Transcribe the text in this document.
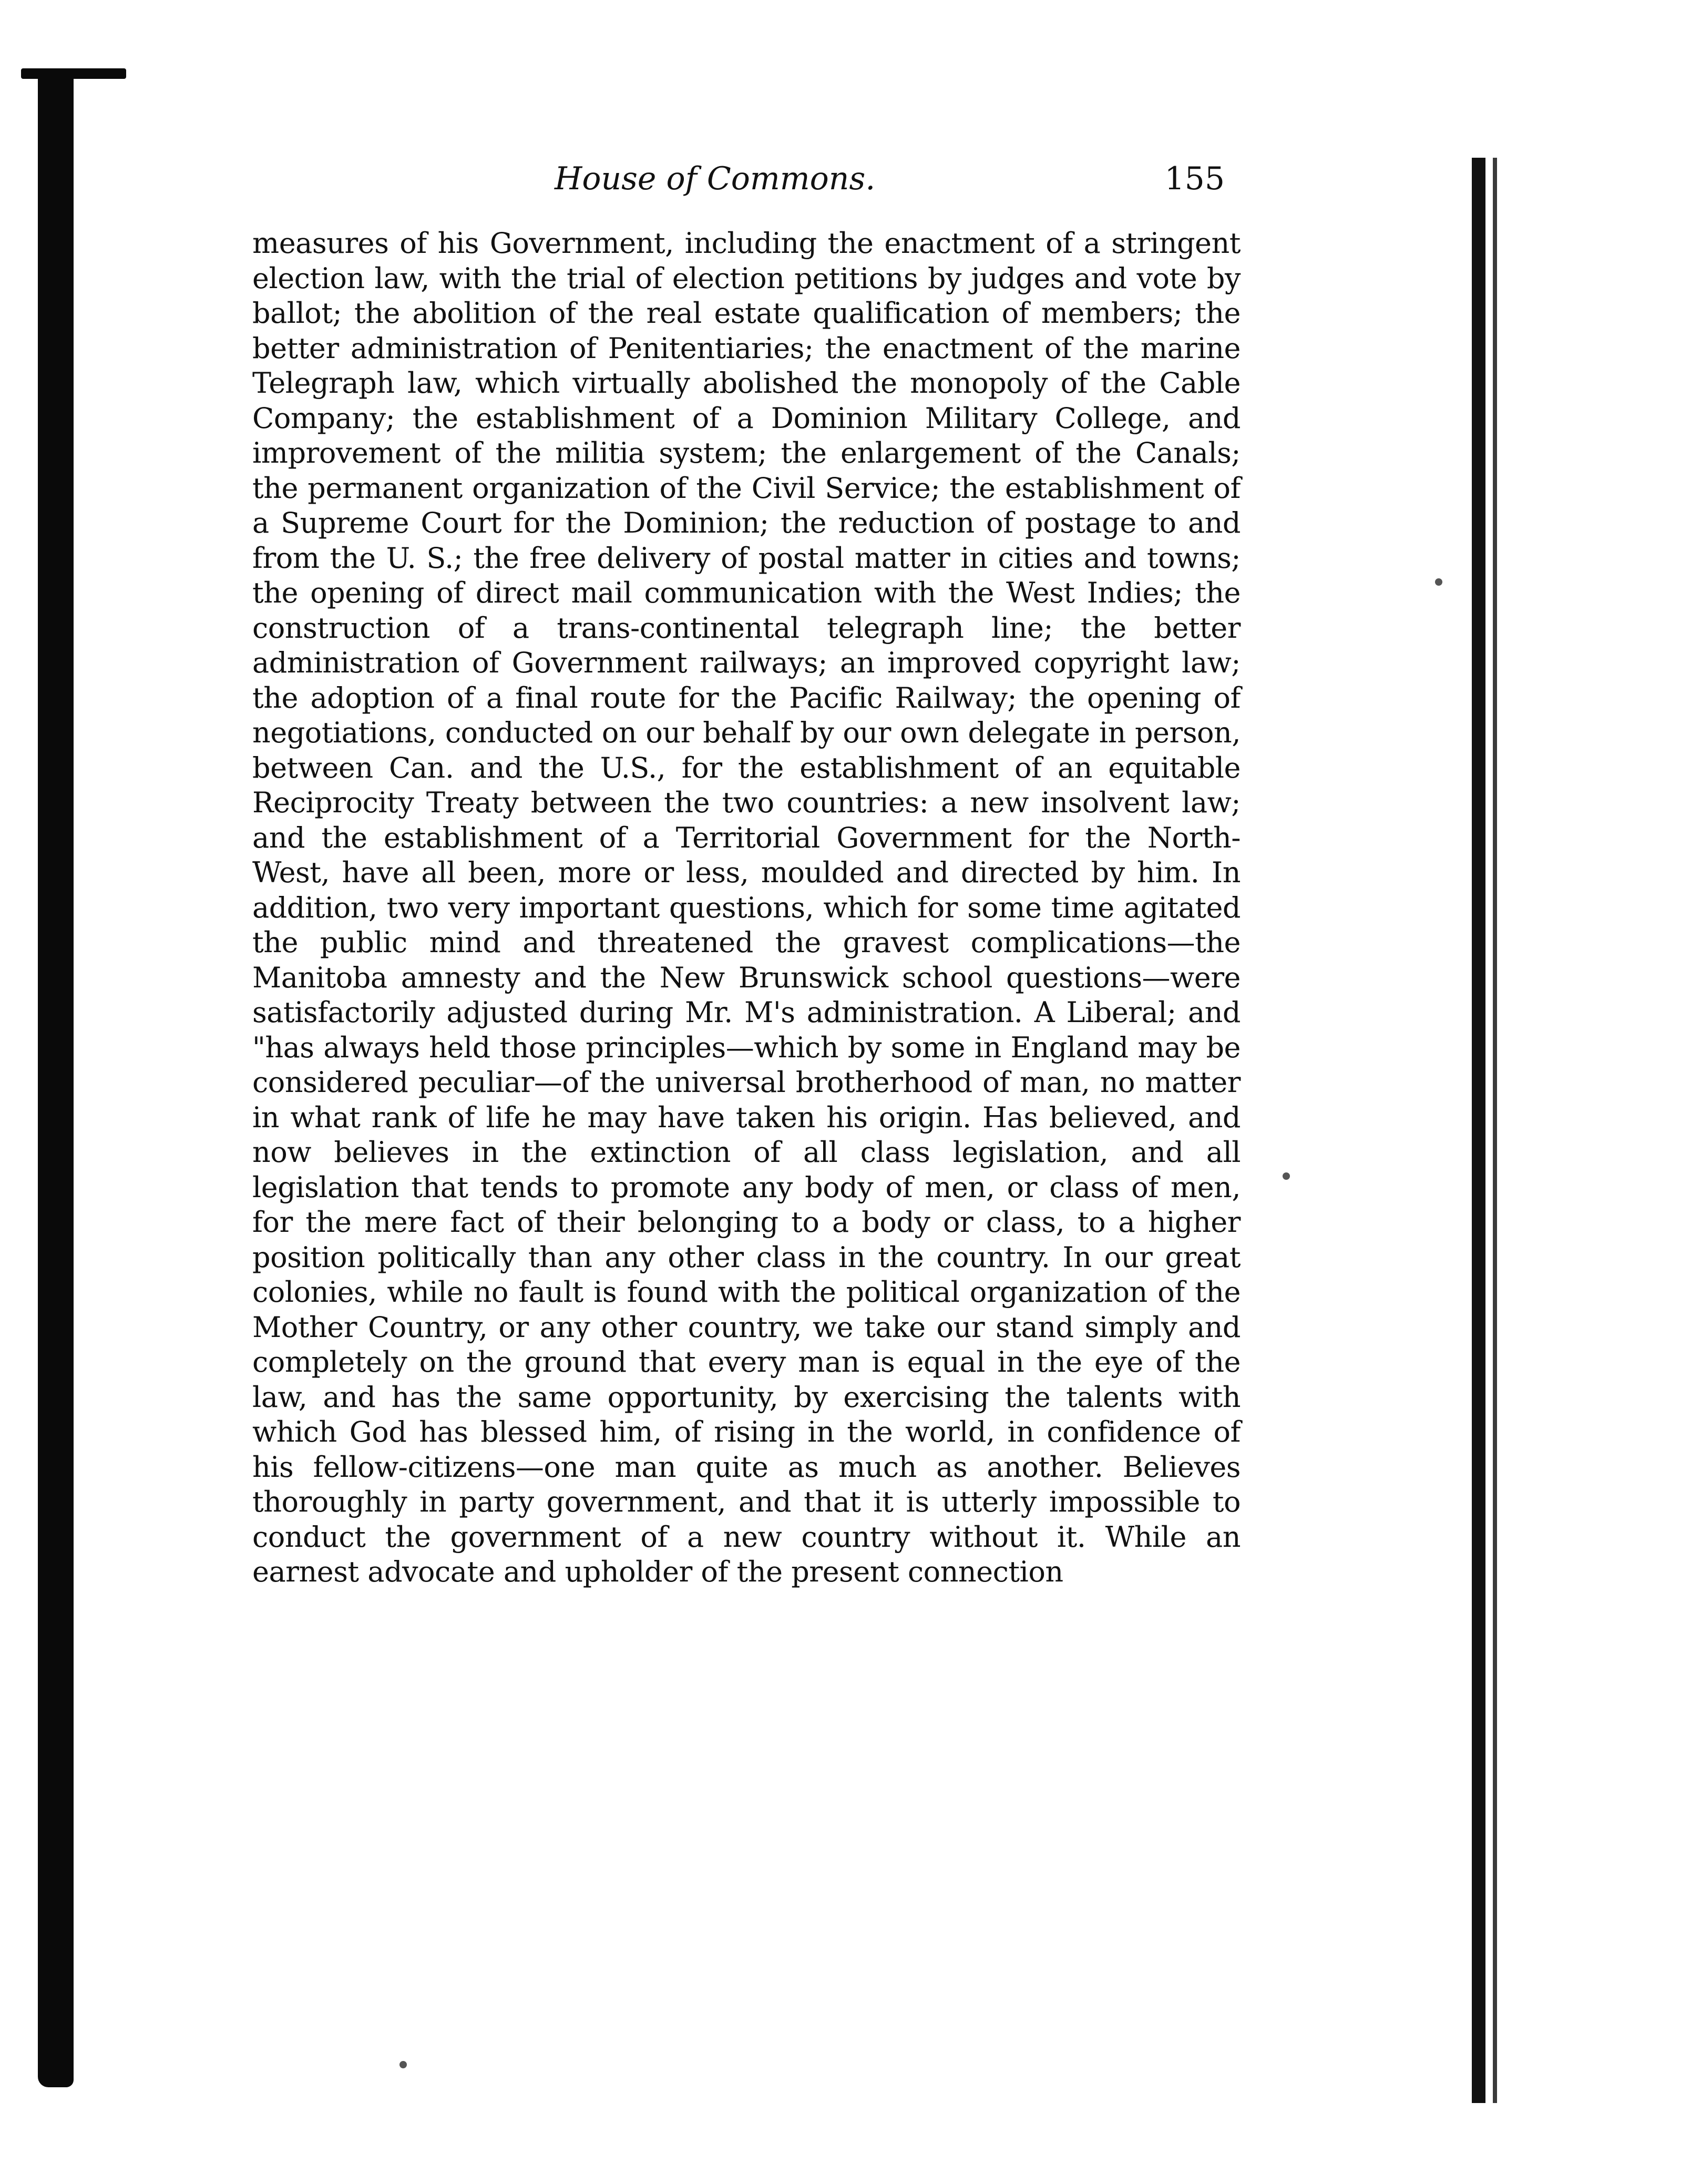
House of Commons.	155
measures of his Government, including the enactment of a stringent election law, with the trial of election petitions by judges and vote by ballot; the abolition of the real estate qualification of members; the better administration of Penitentiaries; the enactment of the marine Telegraph law, which virtually abolished the monopoly of the Cable Company; the establishment of a Dominion Military College, and improvement of the militia system; the enlargement of the Canals; the permanent organization of the Civil Service; the establishment of a Supreme Court for the Dominion; the reduction of postage to and from the U. S.; the free delivery of postal matter in cities and towns; the opening of direct mail communication with the West Indies; the construction of a trans-continental telegraph line; the better administration of Government railways; an improved copyright law; the adoption of a final route for the Pacific Railway; the opening of negotiations, conducted on our behalf by our own delegate in person, between Can. and the U.S., for the establishment of an equitable Reciprocity Treaty between the two countries: a new insolvent law; and the establishment of a Territorial Government for the North-West, have all been, more or less, moulded and directed by him. In addition, two very important questions, which for some time agitated the public mind and threatened the gravest complications—the Manitoba amnesty and the New Brunswick school questions—were satisfactorily adjusted during Mr. M's administration. A Liberal; and "has always held those principles—which by some in England may be considered peculiar—of the universal brotherhood of man, no matter in what rank of life he may have taken his origin. Has believed, and now believes in the extinction of all class legislation, and all legislation that tends to promote any body of men, or class of men, for the mere fact of their belonging to a body or class, to a higher position politically than any other class in the country. In our great colonies, while no fault is found with the political organization of the Mother Country, or any other country, we take our stand simply and completely on the ground that every man is equal in the eye of the law, and has the same opportunity, by exercising the talents with which God has blessed him, of rising in the world, in confidence of his fellow-citizens—one man quite as much as another. Believes thoroughly in party government, and that it is utterly impossible to conduct the government of a new country without it. While an earnest advocate and upholder of the present connection
